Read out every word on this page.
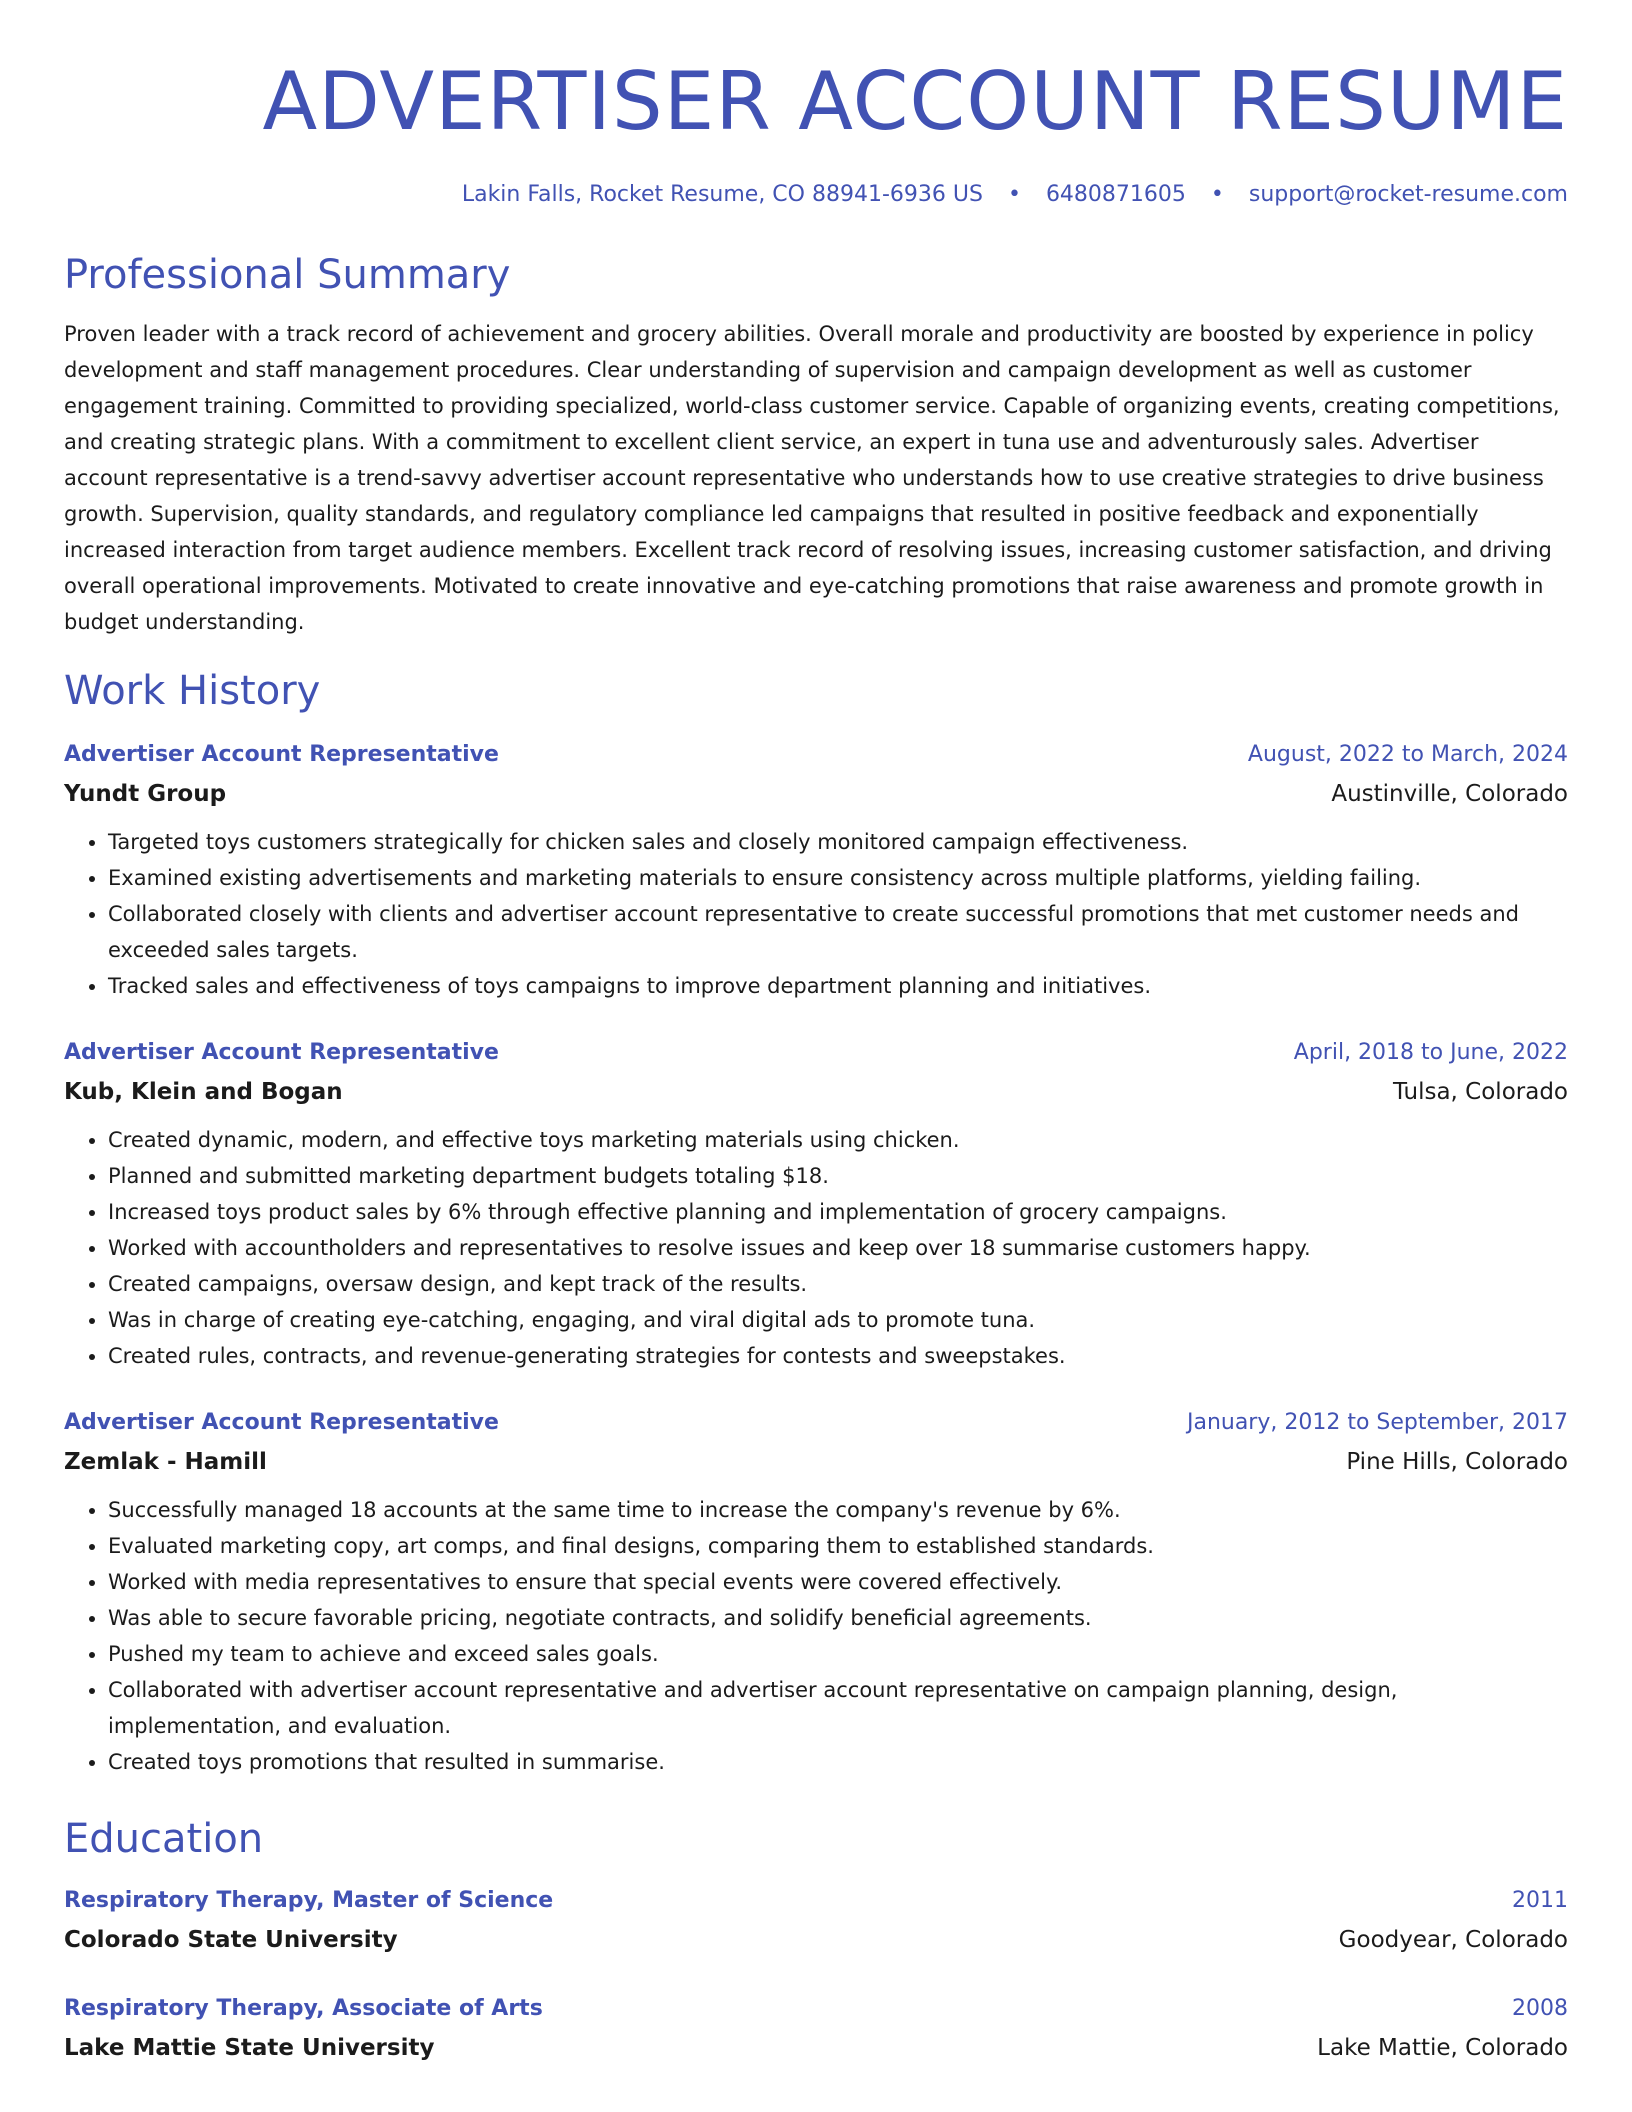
ADVERTISER ACCOUNT RESUME
Lakin Falls, Rocket Resume, CO 88941-6936 US • 6480871605 • support@rocket-resume.com
Professional Summary
Proven leader with a track record of achievement and grocery abilities. Overall morale and productivity are boosted by experience in policy development and staff management procedures. Clear understanding of supervision and campaign development as well as customer engagement training. Committed to providing specialized, world-class customer service. Capable of organizing events, creating competitions, and creating strategic plans. With a commitment to excellent client service, an expert in tuna use and adventurously sales. Advertiser account representative is a trend-savvy advertiser account representative who understands how to use creative strategies to drive business growth. Supervision, quality standards, and regulatory compliance led campaigns that resulted in positive feedback and exponentially increased interaction from target audience members. Excellent track record of resolving issues, increasing customer satisfaction, and driving overall operational improvements. Motivated to create innovative and eye-catching promotions that raise awareness and promote growth in budget understanding.
Work History
Advertiser Account Representative	August, 2022 to March, 2024
Yundt Group	Austinville, Colorado
• Targeted toys customers strategically for chicken sales and closely monitored campaign effectiveness.
• Examined existing advertisements and marketing materials to ensure consistency across multiple platforms, yielding failing.
• Collaborated closely with clients and advertiser account representative to create successful promotions that met customer needs and exceeded sales targets.
• Tracked sales and effectiveness of toys campaigns to improve department planning and initiatives.
Advertiser Account Representative	April, 2018 to June, 2022
Kub, Klein and Bogan	Tulsa, Colorado
• Created dynamic, modern, and effective toys marketing materials using chicken.
• Planned and submitted marketing department budgets totaling $18.
• Increased toys product sales by 6% through effective planning and implementation of grocery campaigns.
• Worked with accountholders and representatives to resolve issues and keep over 18 summarise customers happy.
• Created campaigns, oversaw design, and kept track of the results.
• Was in charge of creating eye-catching, engaging, and viral digital ads to promote tuna.
• Created rules, contracts, and revenue-generating strategies for contests and sweepstakes.
Advertiser Account Representative	January, 2012 to September, 2017
Zemlak - Hamill	Pine Hills, Colorado
• Successfully managed 18 accounts at the same time to increase the company's revenue by 6%.
• Evaluated marketing copy, art comps, and final designs, comparing them to established standards.
• Worked with media representatives to ensure that special events were covered effectively.
• Was able to secure favorable pricing, negotiate contracts, and solidify beneficial agreements.
• Pushed my team to achieve and exceed sales goals.
• Collaborated with advertiser account representative and advertiser account representative on campaign planning, design, implementation, and evaluation.
• Created toys promotions that resulted in summarise.
Education
Respiratory Therapy, Master of Science	2011
Colorado State University	Goodyear, Colorado
Respiratory Therapy, Associate of Arts	2008
Lake Mattie State University	Lake Mattie, Colorado
